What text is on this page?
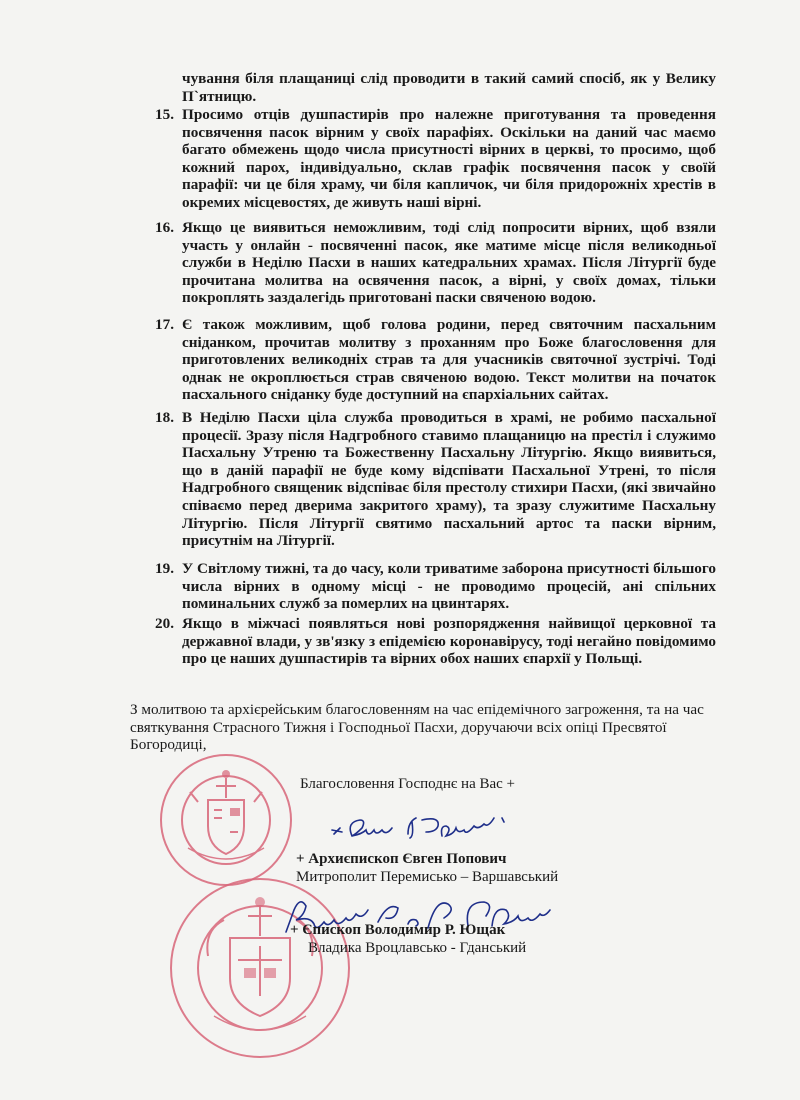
чування біля плащаниці слід проводити в такий самий спосіб, як у Велику П`ятницю.

15. Просимо отців душпастирів про належне приготування та проведення посвячення пасок вірним у своїх парафіях. Оскільки на даний час маємо багато обмежень щодо числа присутності вірних в церкві, то просимо, щоб кожний парох, індивідуально, склав графік посвячення пасок у своїй парафії: чи це біля храму, чи біля капличок, чи біля придорожніх хрестів в окремих місцевостях, де живуть наші вірні.

16. Якщо це виявиться неможливим, тоді слід попросити вірних, щоб взяли участь у онлайн - посвяченні пасок, яке матиме місце після великодньої служби в Неділю Пасхи в наших катедральних храмах. Після Літургії буде прочитана молитва на освячення пасок, а вірні, у своїх домах, тільки покроплять заздалегідь приготовані паски свяченою водою.

17. Є також можливим, щоб голова родини, перед святочним пасхальним сніданком, прочитав молитву з проханням про Боже благословення для приготовлених великодніх страв та для учасників святочної зустрічі. Тоді однак не окроплюється страв свяченою водою. Текст молитви на початок пасхального сніданку буде доступний на єпархіальних сайтах.

18. В Неділю Пасхи ціла служба проводиться в храмі, не робимо пасхальної процесії. Зразу після Надгробного ставимо плащаницю на престіл і служимо Пасхальну Утреню та Божественну Пасхальну Літургію. Якщо виявиться, що в даній парафії не буде кому відспівати Пасхальної Утрені, то після Надгробного священик відспіває біля престолу стихири Пасхи, (які звичайно співаємо перед дверима закритого храму), та зразу служитиме Пасхальну Літургію. Після Літургії святимо пасхальний артос та паски вірним, присутнім на Літургії.

19. У Світлому тижні, та до часу, коли триватиме заборона присутності більшого числа вірних в одному місці - не проводимо процесій, ані спільних поминальних служб за померлих на цвинтарях.

20. Якщо в міжчасі появляться нові розпорядження найвищої церковної та державної влади, у зв'язку з епідемією коронавірусу, тоді негайно повідомимо про це наших душпастирів та вірних обох наших єпархії у Польщі.

З молитвою та архієрейським благословенням на час епідемічного загроження, та на час святкування Страсного Тижня і Господньої Пасхи, доручаючи всіх опіці Пресвятої Богородиці,

Благословення Господнє на Вас +

+ Архиєпископ Євген Попович

Митрополит Перемисько – Варшавський

+ Єпископ Володимир Р. Ющак

Владика Вроцлавсько - Гданський
